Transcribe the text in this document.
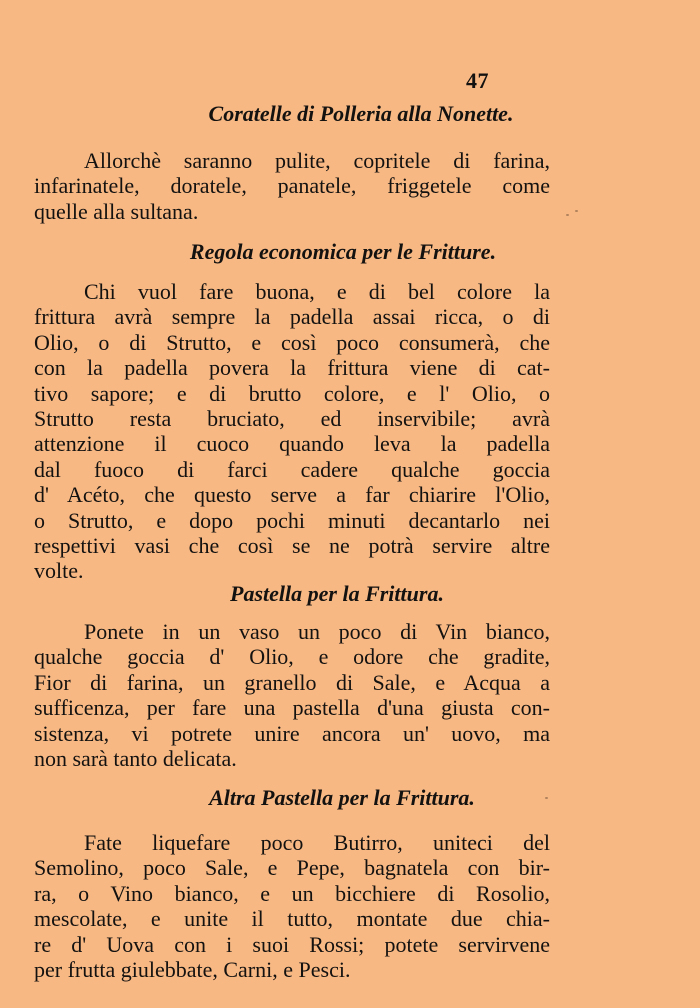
47
Coratelle di Polleria alla Nonette.
Allorchè saranno pulite, copritele di farina,
infarinatele, doratele, panatele, friggetele come
quelle alla sultana.
Regola economica per le Fritture.
Chi vuol fare buona, e di bel colore la
frittura avrà sempre la padella assai ricca, o di
Olio, o di Strutto, e così poco consumerà, che
con la padella povera la frittura viene di cat-
tivo sapore; e di brutto colore, e l' Olio, o
Strutto resta bruciato, ed inservibile; avrà
attenzione il cuoco quando leva la padella
dal fuoco di farci cadere qualche goccia
d' Acéto, che questo serve a far chiarire l'Olio,
o Strutto, e dopo pochi minuti decantarlo nei
respettivi vasi che così se ne potrà servire altre
volte.
Pastella per la Frittura.
Ponete in un vaso un poco di Vin bianco,
qualche goccia d' Olio, e odore che gradite,
Fior di farina, un granello di Sale, e Acqua a
sufficenza, per fare una pastella d'una giusta con-
sistenza, vi potrete unire ancora un' uovo, ma
non sarà tanto delicata.
Altra Pastella per la Frittura.
Fate liquefare poco Butirro, uniteci del
Semolino, poco Sale, e Pepe, bagnatela con bir-
ra, o Vino bianco, e un bicchiere di Rosolio,
mescolate, e unite il tutto, montate due chia-
re d' Uova con i suoi Rossi; potete servirvene
per frutta giulebbate, Carni, e Pesci.
